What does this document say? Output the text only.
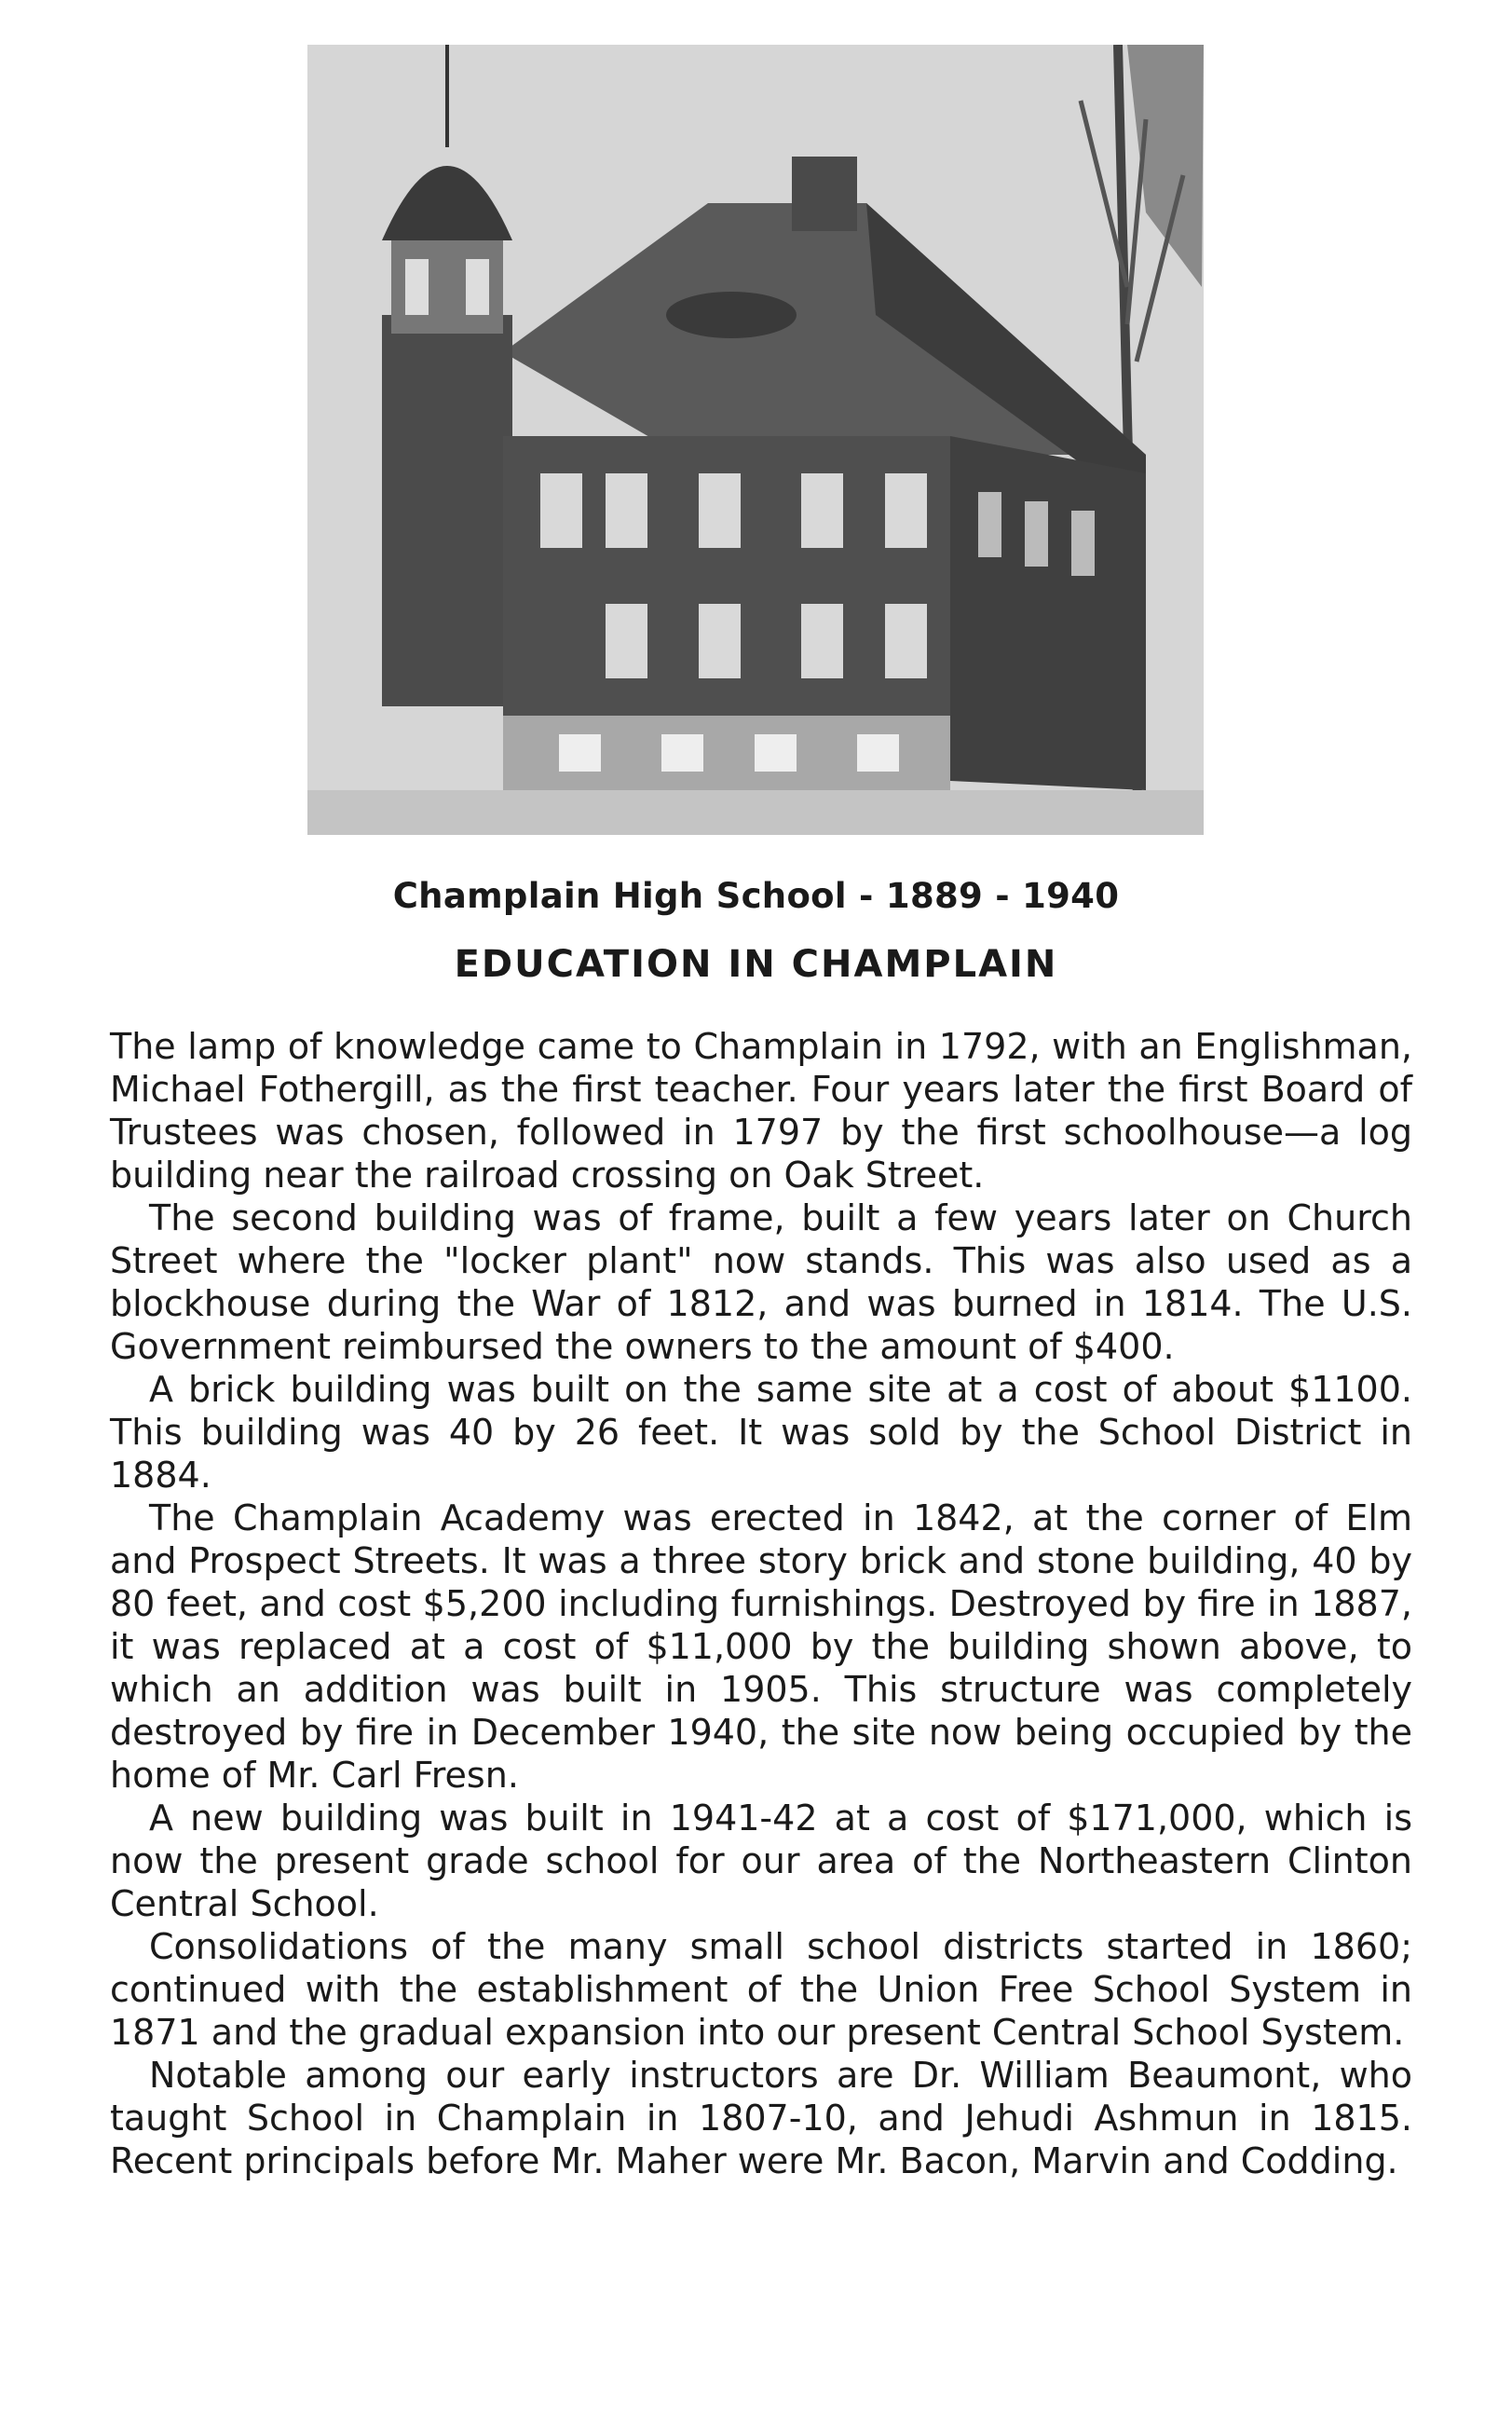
Champlain High School - 1889 - 1940
EDUCATION IN CHAMPLAIN

The lamp of knowledge came to Champlain in 1792, with an Englishman, Michael Fothergill, as the first teacher. Four years later the first Board of Trustees was chosen, followed in 1797 by the first schoolhouse—a log building near the railroad crossing on Oak Street.

The second building was of frame, built a few years later on Church Street where the "locker plant" now stands. This was also used as a blockhouse during the War of 1812, and was burned in 1814. The U.S. Government reimbursed the owners to the amount of $400.

A brick building was built on the same site at a cost of about $1100. This building was 40 by 26 feet. It was sold by the School District in 1884.

The Champlain Academy was erected in 1842, at the corner of Elm and Prospect Streets. It was a three story brick and stone building, 40 by 80 feet, and cost $5,200 including furnishings. Destroyed by fire in 1887, it was replaced at a cost of $11,000 by the building shown above, to which an addition was built in 1905. This structure was completely destroyed by fire in December 1940, the site now being occupied by the home of Mr. Carl Fresn.

A new building was built in 1941-42 at a cost of $171,000, which is now the present grade school for our area of the Northeastern Clinton Central School.

Consolidations of the many small school districts started in 1860; continued with the establishment of the Union Free School System in 1871 and the gradual expansion into our present Central School System.

Notable among our early instructors are Dr. William Beaumont, who taught School in Champlain in 1807-10, and Jehudi Ashmun in 1815. Recent principals before Mr. Maher were Mr. Bacon, Marvin and Codding.
